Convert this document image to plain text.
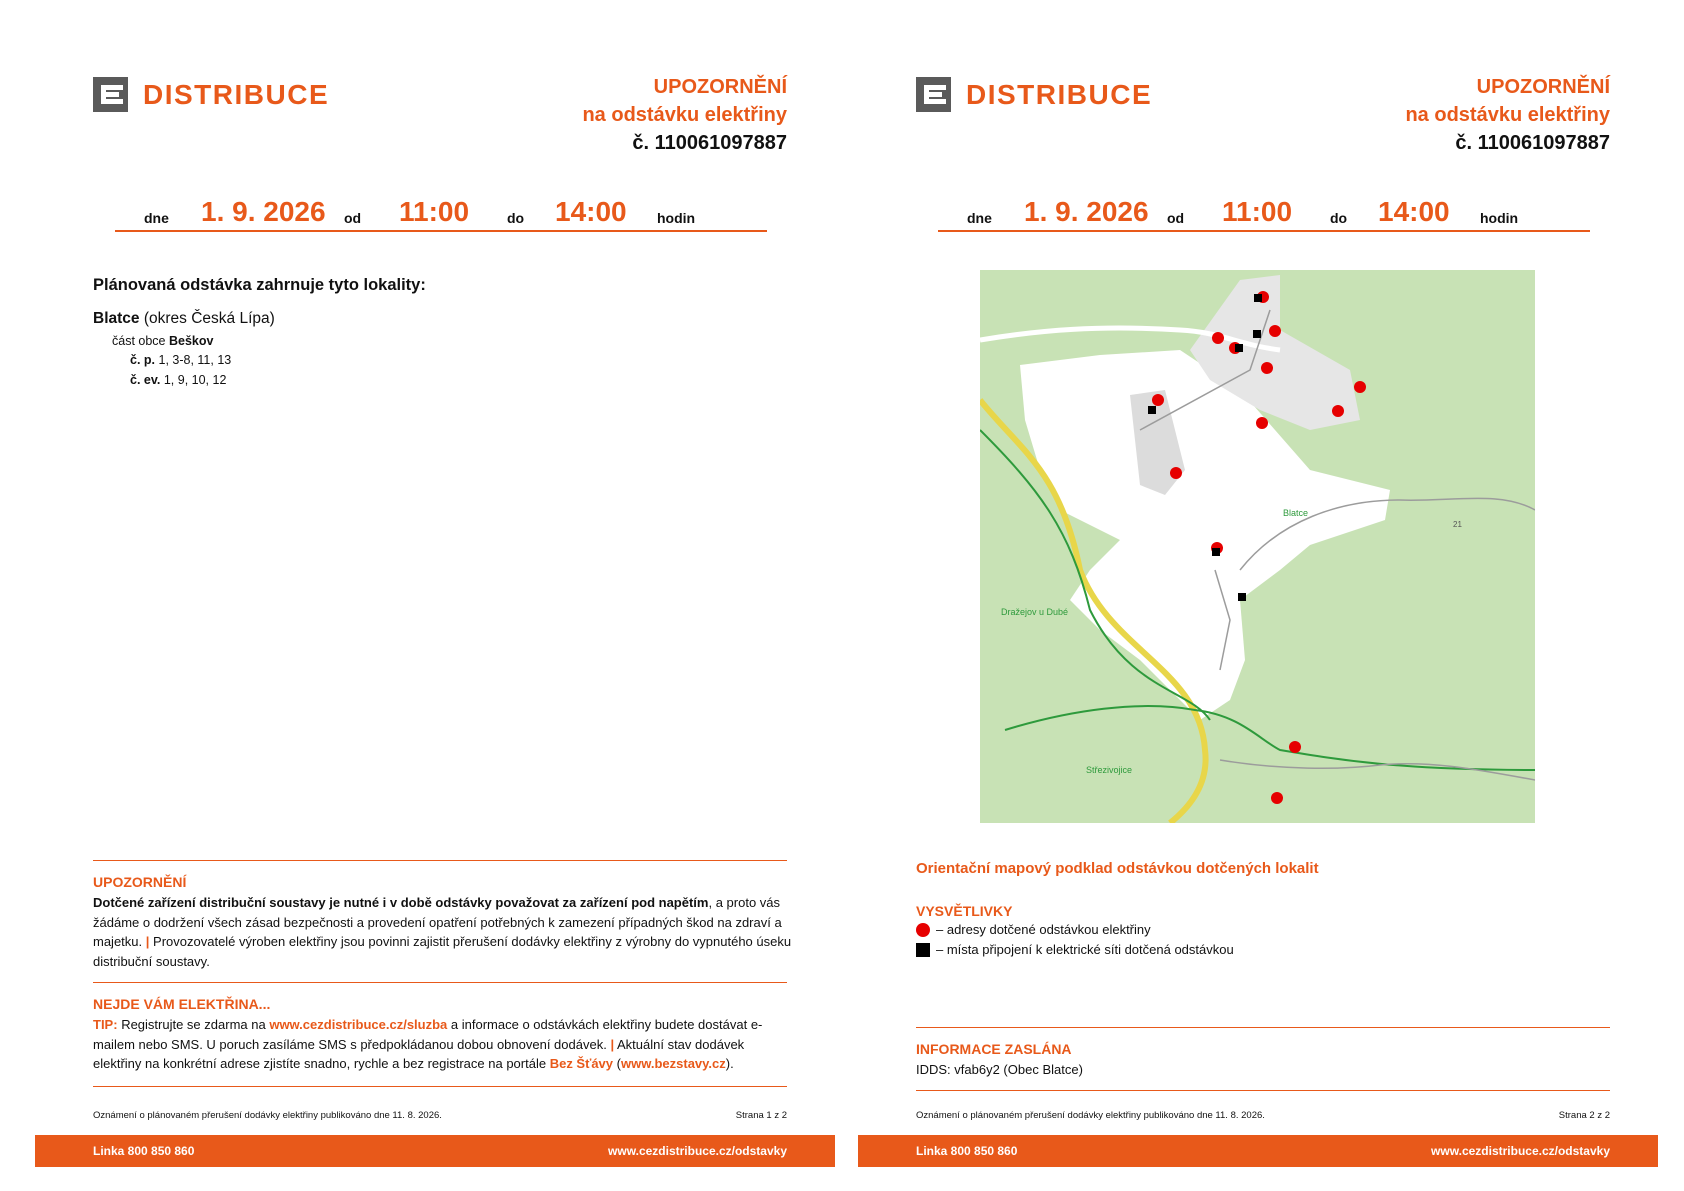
DISTRIBUCE	UPOZORNĚNÍ
na odstávku elektřiny
č. 110061097887
dne 1. 9. 2026 od 11:00	do 14:00 hodin
Plánovaná odstávka zahrnuje tyto lokality:
Blatce (okres Česká Lípa)
část obce Beškov
č. p. 1, 3-8, 11, 13
č. ev. 1, 9, 10, 12
UPOZORNĚNÍ
Dotčené zařízení distribuční soustavy je nutné i v době odstávky považovat za zařízení pod napětím, a proto vás žádáme o dodržení všech zásad bezpečnosti a provedení opatření potřebných k zamezení případných škod na zdraví a majetku. | Provozovatelé výroben elektřiny jsou povinni zajistit přerušení dodávky elektřiny z výrobny do vypnutého úseku distribuční soustavy.
NEJDE VÁM ELEKTŘINA...
TIP: Registrujte se zdarma na www.cezdistribuce.cz/sluzba a informace o odstávkách elektřiny budete dostávat e-mailem nebo SMS. U poruch zasíláme SMS s předpokládanou dobou obnovení dodávek. | Aktuální stav dodávek elektřiny na konkrétní adrese zjistíte snadno, rychle a bez registrace na portále Bez Šťávy (www.bezstavy.cz).
Oznámení o plánovaném přerušení dodávky elektřiny publikováno dne 11. 8. 2026.	Strana 1 z 2
Linka 800 850 860	www.cezdistribuce.cz/odstavky
DISTRIBUCE	UPOZORNĚNÍ
na odstávku elektřiny
č. 110061097887
dne 1. 9. 2026 od 11:00	do 14:00 hodin
Blatce
Dražejov u Dubé
Střezivojice
21
Orientační mapový podklad odstávkou dotčených lokalit
VYSVĚTLIVKY
– adresy dotčené odstávkou elektřiny
– místa připojení k elektrické síti dotčená odstávkou
INFORMACE ZASLÁNA
IDDS: vfab6y2 (Obec Blatce)
Oznámení o plánovaném přerušení dodávky elektřiny publikováno dne 11. 8. 2026.	Strana 2 z 2
Linka 800 850 860	www.cezdistribuce.cz/odstavky
